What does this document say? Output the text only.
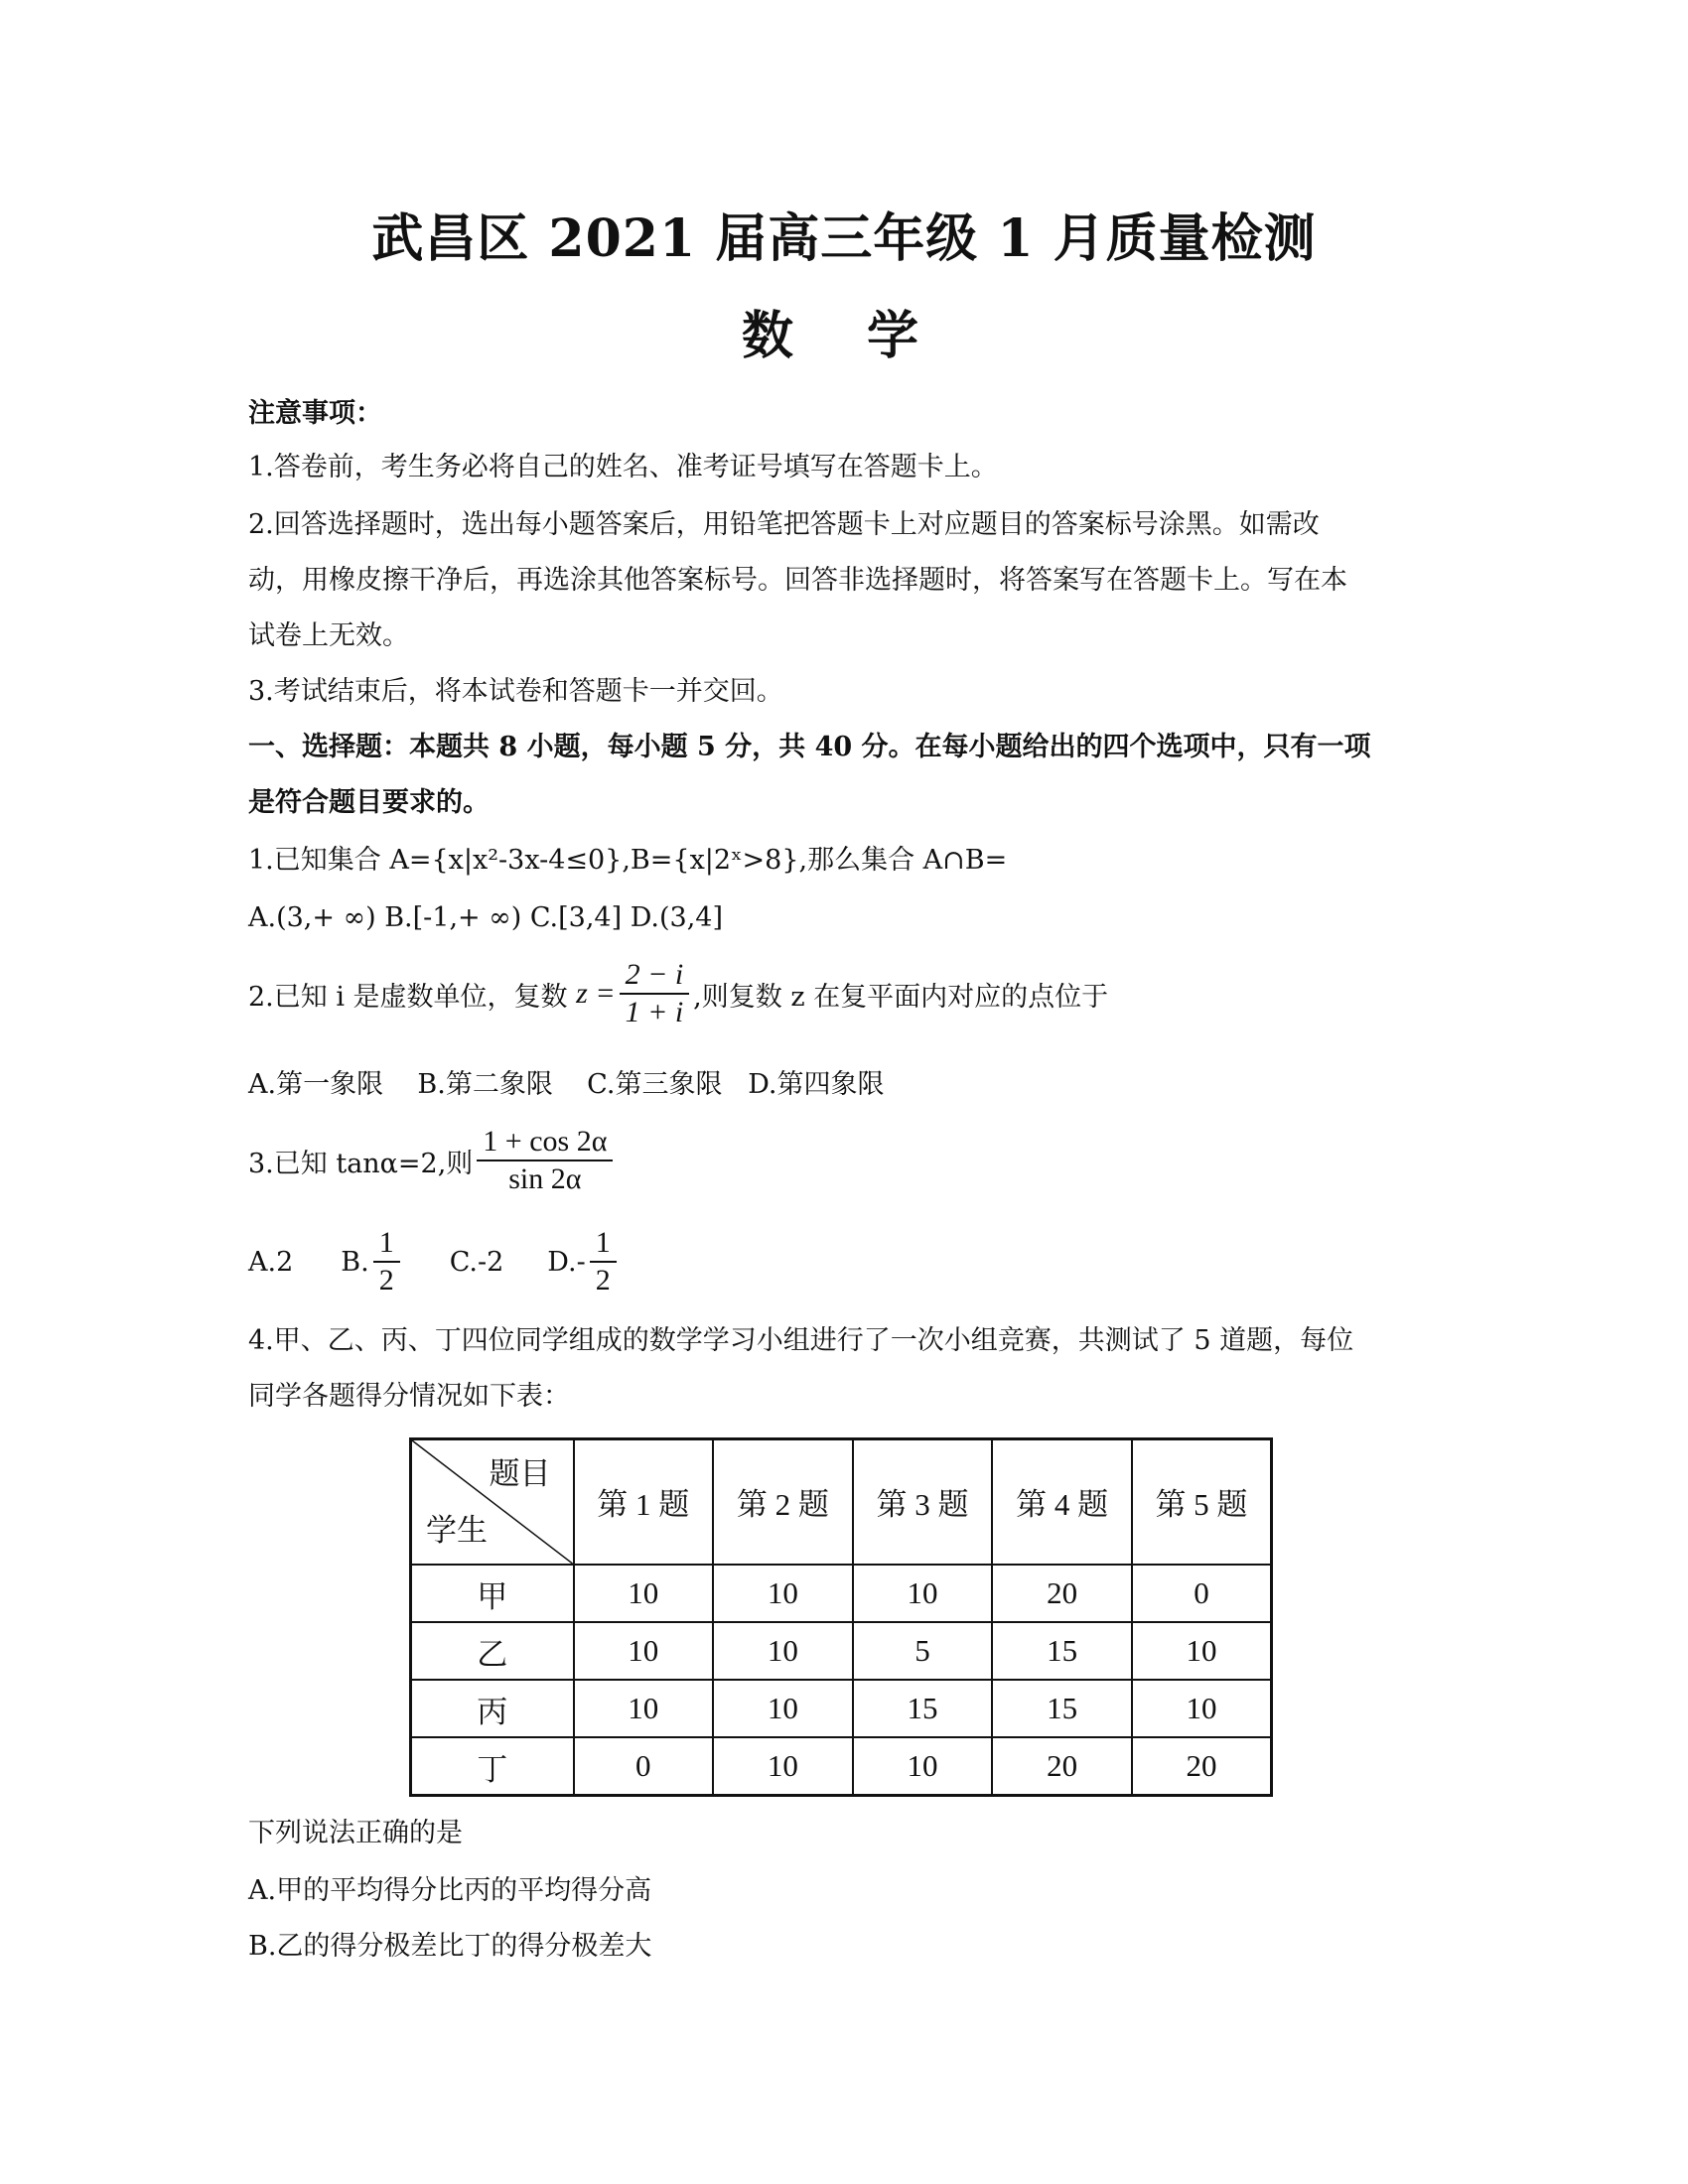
武昌区 2021 届高三年级 1 月质量检测
数 学
注意事项：
1.答卷前，考生务必将自己的姓名、准考证号填写在答题卡上。
2.回答选择题时，选出每小题答案后，用铅笔把答题卡上对应题目的答案标号涂黑。如需改
动，用橡皮擦干净后，再选涂其他答案标号。回答非选择题时，将答案写在答题卡上。写在本
试卷上无效。
3.考试结束后，将本试卷和答题卡一并交回。
一、选择题：本题共 8 小题，每小题 5 分，共 40 分。在每小题给出的四个选项中，只有一项
是符合题目要求的。
1.已知集合 A={x|x²-3x-4≤0},B={x|2ˣ>8},那么集合 A∩B=
A.(3,+ ∞) B.[-1,+ ∞) C.[3,4] D.(3,4]
2.已知 i 是虚数单位，复数 $z = \frac{2 - i}{1 + i}$ ,则复数 z 在复平面内对应的点位于
A.第一象限    B.第二象限    C.第三象限   D.第四象限
3.已知 tanα=2,则 $\frac{1 + \cos 2\alpha}{\sin 2\alpha}$
A.2 B. $\frac{1}{2} C.-2$ $D.- \frac{1}{2}$
4.甲、乙、丙、丁四位同学组成的数学学习小组进行了一次小组竞赛，共测试了 5 道题，每位
同学各题得分情况如下表：
题目
学生	第 1 题	第 2 题	第 3 题	第 4 题	第 5 题
甲	10	10	10	20	0
乙	10	10	5	15	10
丙	10	10	15	15	10
丁	0	10	10	20	20
下列说法正确的是
A.甲的平均得分比丙的平均得分高
B.乙的得分极差比丁的得分极差大
